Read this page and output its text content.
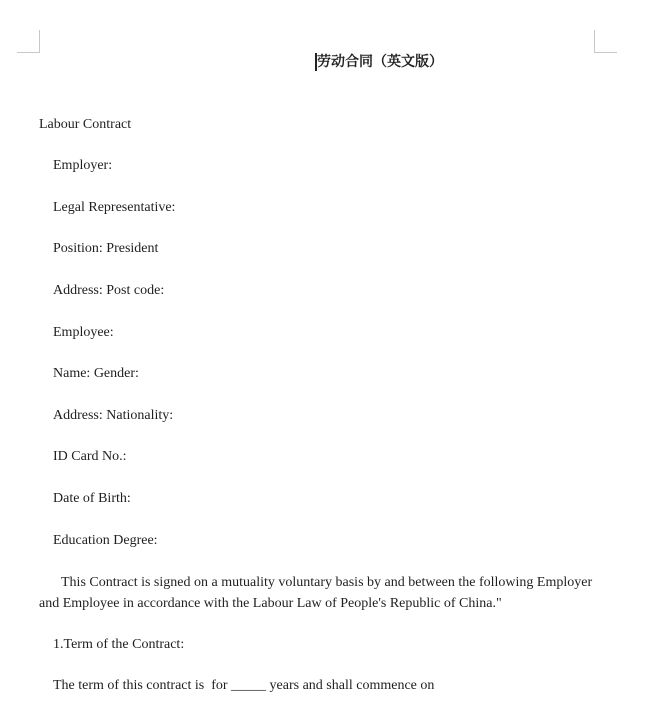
劳动合同（英文版）
Labour Contract
Employer:
Legal Representative:
Position: President
Address: Post code:
Employee:
Name: Gender:
Address: Nationality:
ID Card No.:
Date of Birth:
Education Degree:
This Contract is signed on a mutuality voluntary basis by and between the following Employer and Employee in accordance with the Labour Law of People's Republic of China."
1.Term of the Contract:
The term of this contract is  for _____ years and shall commence on
